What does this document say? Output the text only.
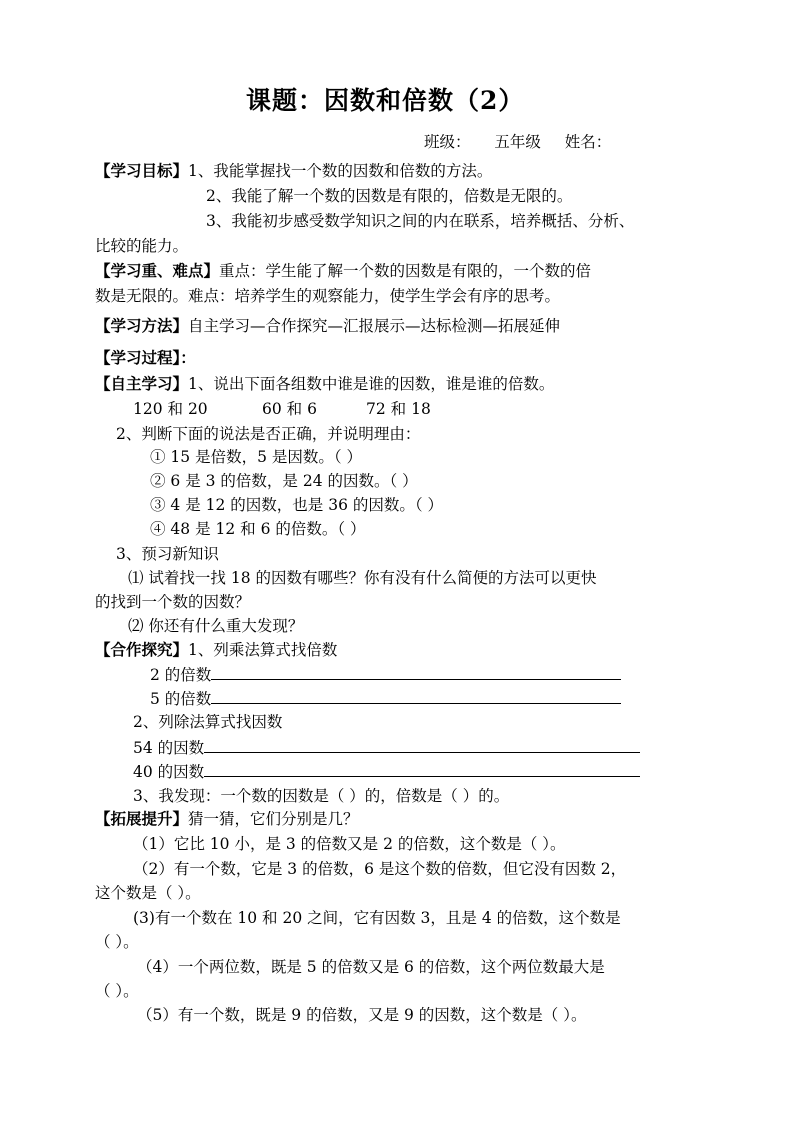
课题：因数和倍数（2）
班级： 五年级 姓名：
【学习目标】1、我能掌握找一个数的因数和倍数的方法。
2、我能了解一个数的因数是有限的，倍数是无限的。
3、我能初步感受数学知识之间的内在联系，培养概括、分析、
比较的能力。
【学习重、难点】重点：学生能了解一个数的因数是有限的，一个数的倍
数是无限的。难点：培养学生的观察能力，使学生学会有序的思考。
【学习方法】自主学习—合作探究—汇报展示—达标检测—拓展延伸
【学习过程】：
【自主学习】1、说出下面各组数中谁是谁的因数，谁是谁的倍数。
120 和 20	60 和 6	72 和 18
2、判断下面的说法是否正确，并说明理由：
① 15 是倍数，5 是因数。（ ）
② 6 是 3 的倍数，是 24 的因数。（ ）
③ 4 是 12 的因数，也是 36 的因数。（ ）
④ 48 是 12 和 6 的倍数。（ ）
3、预习新知识
⑴ 试着找一找 18 的因数有哪些？你有没有什么简便的方法可以更快
的找到一个数的因数？
⑵ 你还有什么重大发现？
【合作探究】1、列乘法算式找倍数
2 的倍数
5 的倍数
2、列除法算式找因数
54 的因数
40 的因数
3、我发现：一个数的因数是（ ）的，倍数是（ ）的。
【拓展提升】猜一猜，它们分别是几？
（1）它比 10 小，是 3 的倍数又是 2 的倍数，这个数是（ ）。
（2）有一个数，它是 3 的倍数，6 是这个数的倍数，但它没有因数 2，
这个数是（ ）。
(3)有一个数在 10 和 20 之间，它有因数 3，且是 4 的倍数，这个数是
（ ）。
（4）一个两位数，既是 5 的倍数又是 6 的倍数，这个两位数最大是
（ ）。
（5）有一个数，既是 9 的倍数，又是 9 的因数，这个数是（ ）。
